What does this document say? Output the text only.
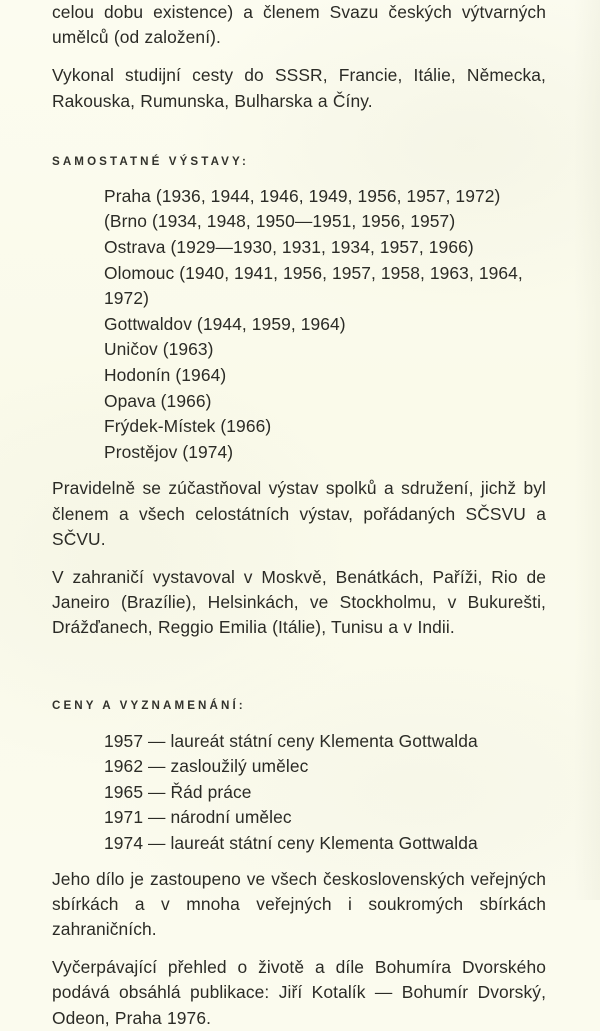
celou dobu existence) a členem Svazu českých výtvarných umělců (od založení).

Vykonal studijní cesty do SSSR, Francie, Itálie, Německa, Rakouska, Rumunska, Bulharska a Číny.

SAMOSTATNÉ VÝSTAVY:
Praha (1936, 1944, 1946, 1949, 1956, 1957, 1972)
(Brno (1934, 1948, 1950—1951, 1956, 1957)
Ostrava (1929—1930, 1931, 1934, 1957, 1966)
Olomouc (1940, 1941, 1956, 1957, 1958, 1963, 1964, 1972)
Gottwaldov (1944, 1959, 1964)
Uničov (1963)
Hodonín (1964)
Opava (1966)
Frýdek-Místek (1966)
Prostějov (1974)

Pravidelně se zúčastňoval výstav spolků a sdružení, jichž byl členem a všech celostátních výstav, pořádaných SČSVU a SČVU.

V zahraničí vystavoval v Moskvě, Benátkách, Paříži, Rio de Janeiro (Brazílie), Helsinkách, ve Stockholmu, v Bukurešti, Drážďanech, Reggio Emilia (Itálie), Tunisu a v Indii.

CENY A VYZNAMENÁNÍ:
1957 — laureát státní ceny Klementa Gottwalda
1962 — zasloužilý umělec
1965 — Řád práce
1971 — národní umělec
1974 — laureát státní ceny Klementa Gottwalda

Jeho dílo je zastoupeno ve všech československých veřejných sbírkách a v mnoha veřejných i soukromých sbírkách zahraničních.

Vyčerpávající přehled o životě a díle Bohumíra Dvorského podává obsáhlá publikace: Jiří Kotalík — Bohumír Dvorský, Odeon, Praha 1976.
